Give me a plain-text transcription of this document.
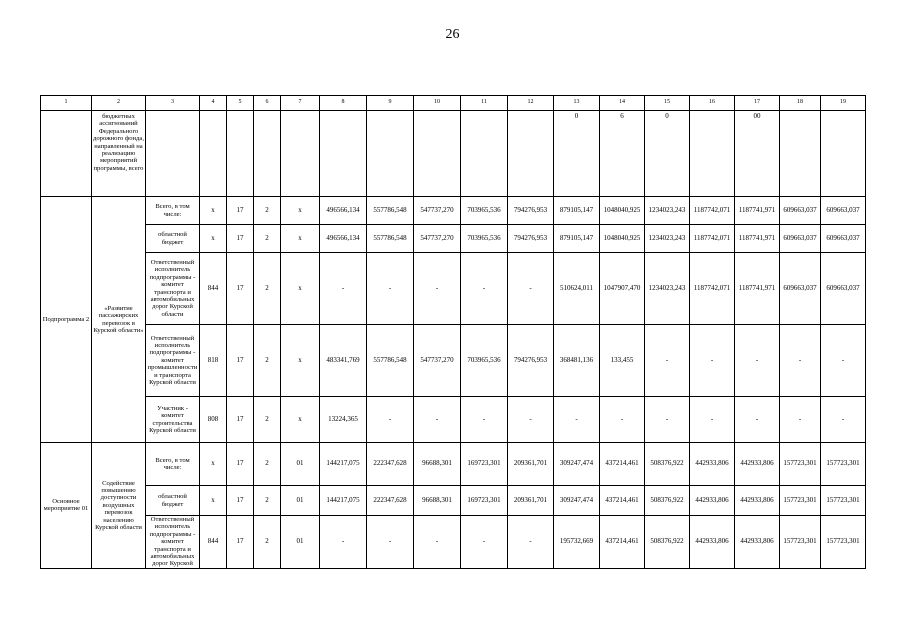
26
1	2	3	4	5	6	7	8	9	10	11	12	13	14	15	16	17	18	19
	бюджетных ассигнований Федерального дорожного фонда, направленный на реализацию мероприятий программы, всего											0	6	0		00		
Подпрограмма 2	«Развитие пассажирских перевозок в Курской области»	Всего, в том числе:	х	17	2	х	496566,134	557786,548	547737,270	703965,536	794276,953	879105,147	1048040,925	1234023,243	1187742,071	1187741,971	609663,037	609663,037
		областной бюджет	х	17	2	х	496566,134	557786,548	547737,270	703965,536	794276,953	879105,147	1048040,925	1234023,243	1187742,071	1187741,971	609663,037	609663,037
		Ответственный исполнитель подпрограммы - комитет транспорта и автомобильных дорог Курской области	844	17	2	х	-	-	-	-	-	510624,011	1047907,470	1234023,243	1187742,071	1187741,971	609663,037	609663,037
		Ответственный исполнитель подпрограммы - комитет промышленности и транспорта Курской области	818	17	2	х	483341,769	557786,548	547737,270	703965,536	794276,953	368481,136	133,455	-	-	-	-	-
		Участник - комитет строительства Курской области	808	17	2	х	13224,365	-	-	-	-	-	-	-	-	-	-	-
Основное мероприятие 01	Содействие повышению доступности воздушных перевозок населению Курской области	Всего, в том числе:	х	17	2	01	144217,075	222347,628	96688,301	169723,301	209361,701	309247,474	437214,461	508376,922	442933,806	442933,806	157723,301	157723,301
		областной бюджет	х	17	2	01	144217,075	222347,628	96688,301	169723,301	209361,701	309247,474	437214,461	508376,922	442933,806	442933,806	157723,301	157723,301
		Ответственный исполнитель подпрограммы - комитет транспорта и автомобильных дорог Курской	844	17	2	01	-	-	-	-	-	195732,669	437214,461	508376,922	442933,806	442933,806	157723,301	157723,301
